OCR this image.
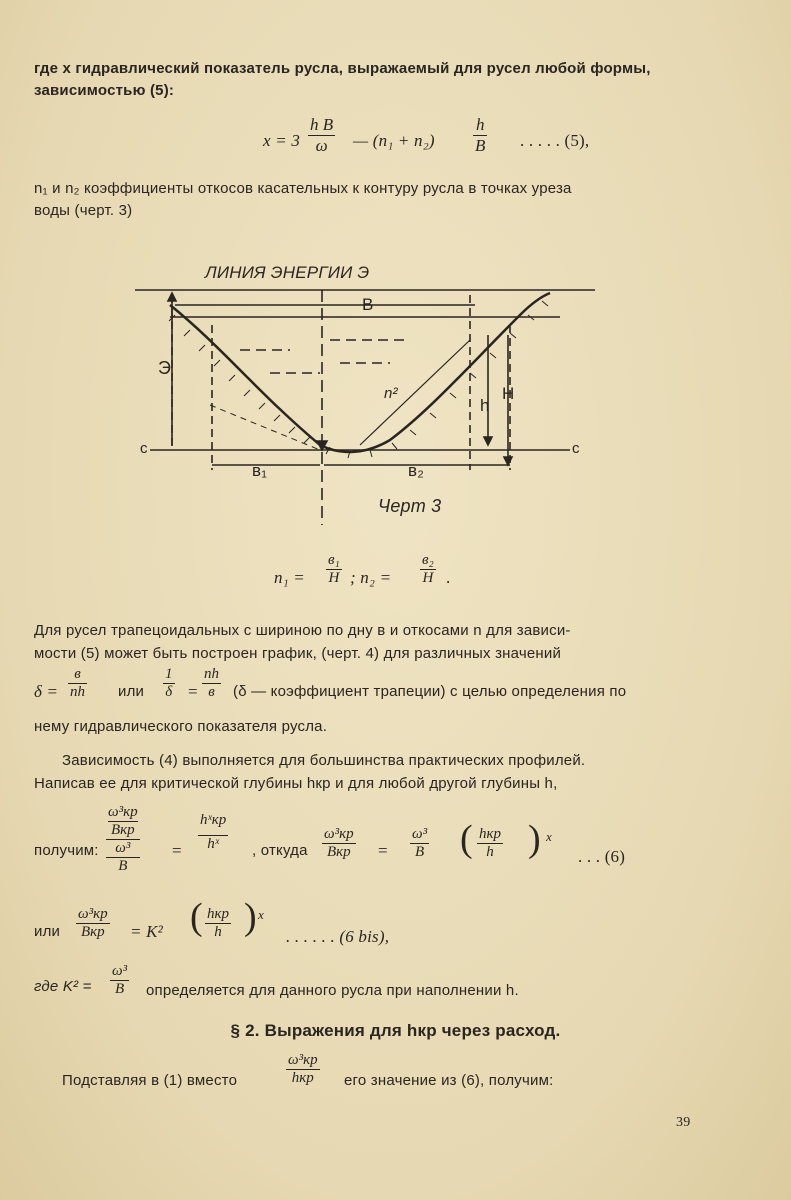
где x гидравлический показатель русла, выражаемый для русел любой формы,
зависимостью (5):
$x = 3 \frac{\text{h B}}{\omega}$ — $(n_1 + n_2) \frac{h}{B}$ . . . . . (5),
n₁ и n₂ коэффициенты откосов касательных к контуру русла в точках уреза
воды (черт. 3)
ЛИНИЯ ЭНЕРГИИ Э
B
Э
c	c
n²
h
H
в₁	в₂
Черт 3
n₁ =
в₁
H ; n₂ =
в₂
H .
Для русел трапецоидальных с шириною по дну в и откосами n для зависи-
мости (5) может быть построен график, (черт. 4) для различных значений
δ =
в
nh или $\frac{1}{\delta}$ =
nh
в	(δ — коэффициент трапеции) с целью определения по
нему гидравлического показателя русла.
Зависимость (4) выполняется для большинства практических профилей.
Написав ее для критической глубины hкр и для любой другой глубины h,
получим:
ω³кр
Bкр
ω³
B
=
hˣкр
hˣ	, откуда
ω³кр
Bкр = $\frac{\text{ω³}}{B}$ ( hкр
h ) x
. . . (6)
или
ω³кр
Bкр = K² ( hкр
h ) x
. . . . . . (6 bis),
где $K^2 = \frac{\text{ω³}}{B}$ определяется для данного русла при наполнении h.
§ 2. Выражения для hкр через расход.
Подставляя в (1) вместо
ω³кр
hкр	его значение из (6), получим:
39
